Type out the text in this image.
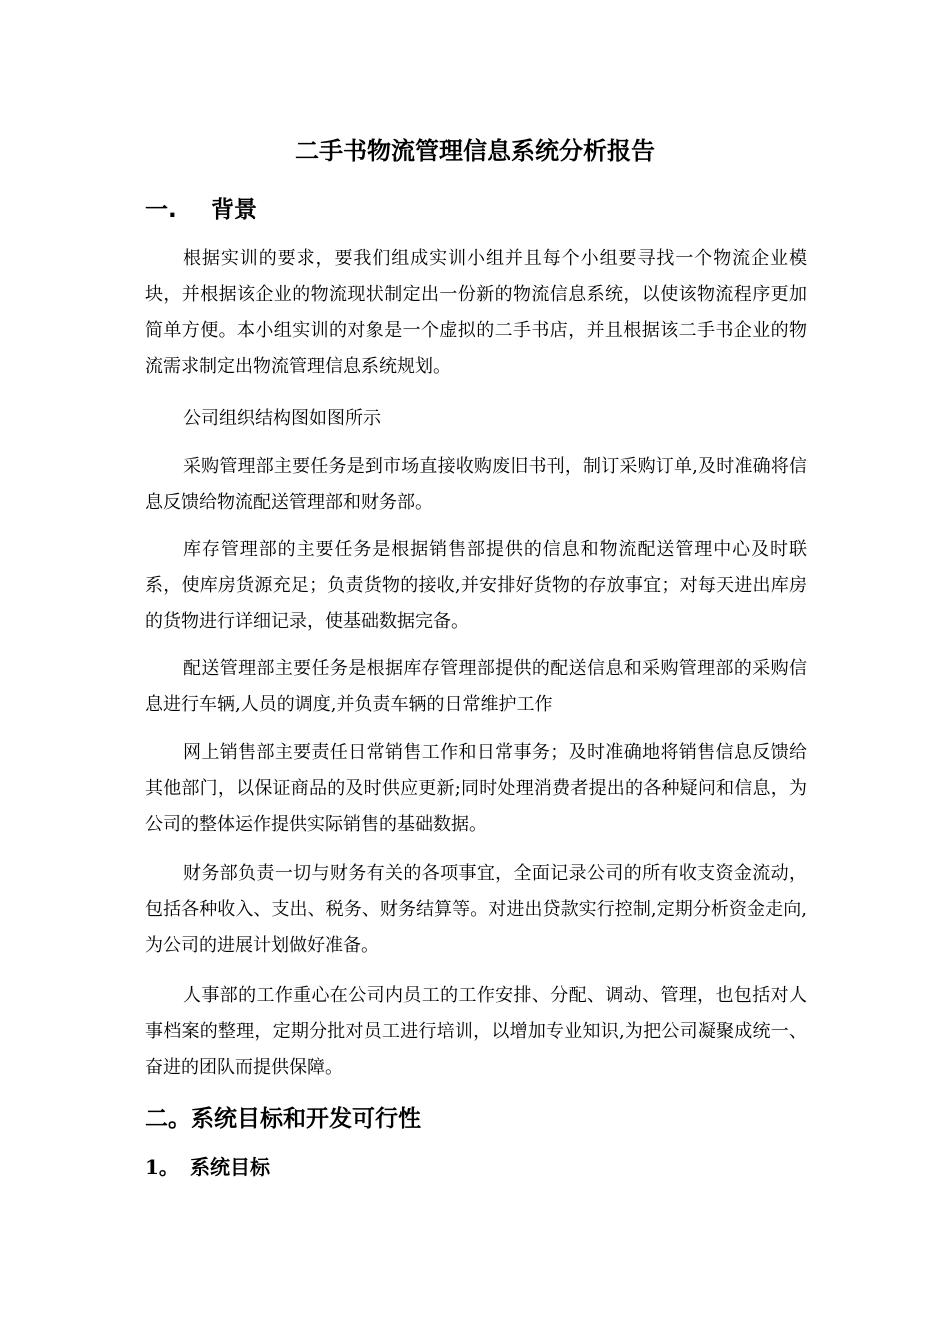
二手书物流管理信息系统分析报告
一. 背景

根据实训的要求，要我们组成实训小组并且每个小组要寻找一个物流企业模块，并根据该企业的物流现状制定出一份新的物流信息系统，以使该物流程序更加简单方便。本小组实训的对象是一个虚拟的二手书店，并且根据该二手书企业的物流需求制定出物流管理信息系统规划。

公司组织结构图如图所示

采购管理部主要任务是到市场直接收购废旧书刊，制订采购订单,及时准确将信息反馈给物流配送管理部和财务部。

库存管理部的主要任务是根据销售部提供的信息和物流配送管理中心及时联系，使库房货源充足；负责货物的接收,并安排好货物的存放事宜；对每天进出库房的货物进行详细记录，使基础数据完备。

配送管理部主要任务是根据库存管理部提供的配送信息和采购管理部的采购信息进行车辆,人员的调度,并负责车辆的日常维护工作

网上销售部主要责任日常销售工作和日常事务；及时准确地将销售信息反馈给其他部门，以保证商品的及时供应更新;同时处理消费者提出的各种疑问和信息，为公司的整体运作提供实际销售的基础数据。

财务部负责一切与财务有关的各项事宜，全面记录公司的所有收支资金流动，包括各种收入、支出、税务、财务结算等。对进出贷款实行控制,定期分析资金走向,为公司的进展计划做好准备。

人事部的工作重心在公司内员工的工作安排、分配、调动、管理，也包括对人事档案的整理，定期分批对员工进行培训，以增加专业知识,为把公司凝聚成统一、奋进的团队而提供保障。

二。系统目标和开发可行性
1。 系统目标
